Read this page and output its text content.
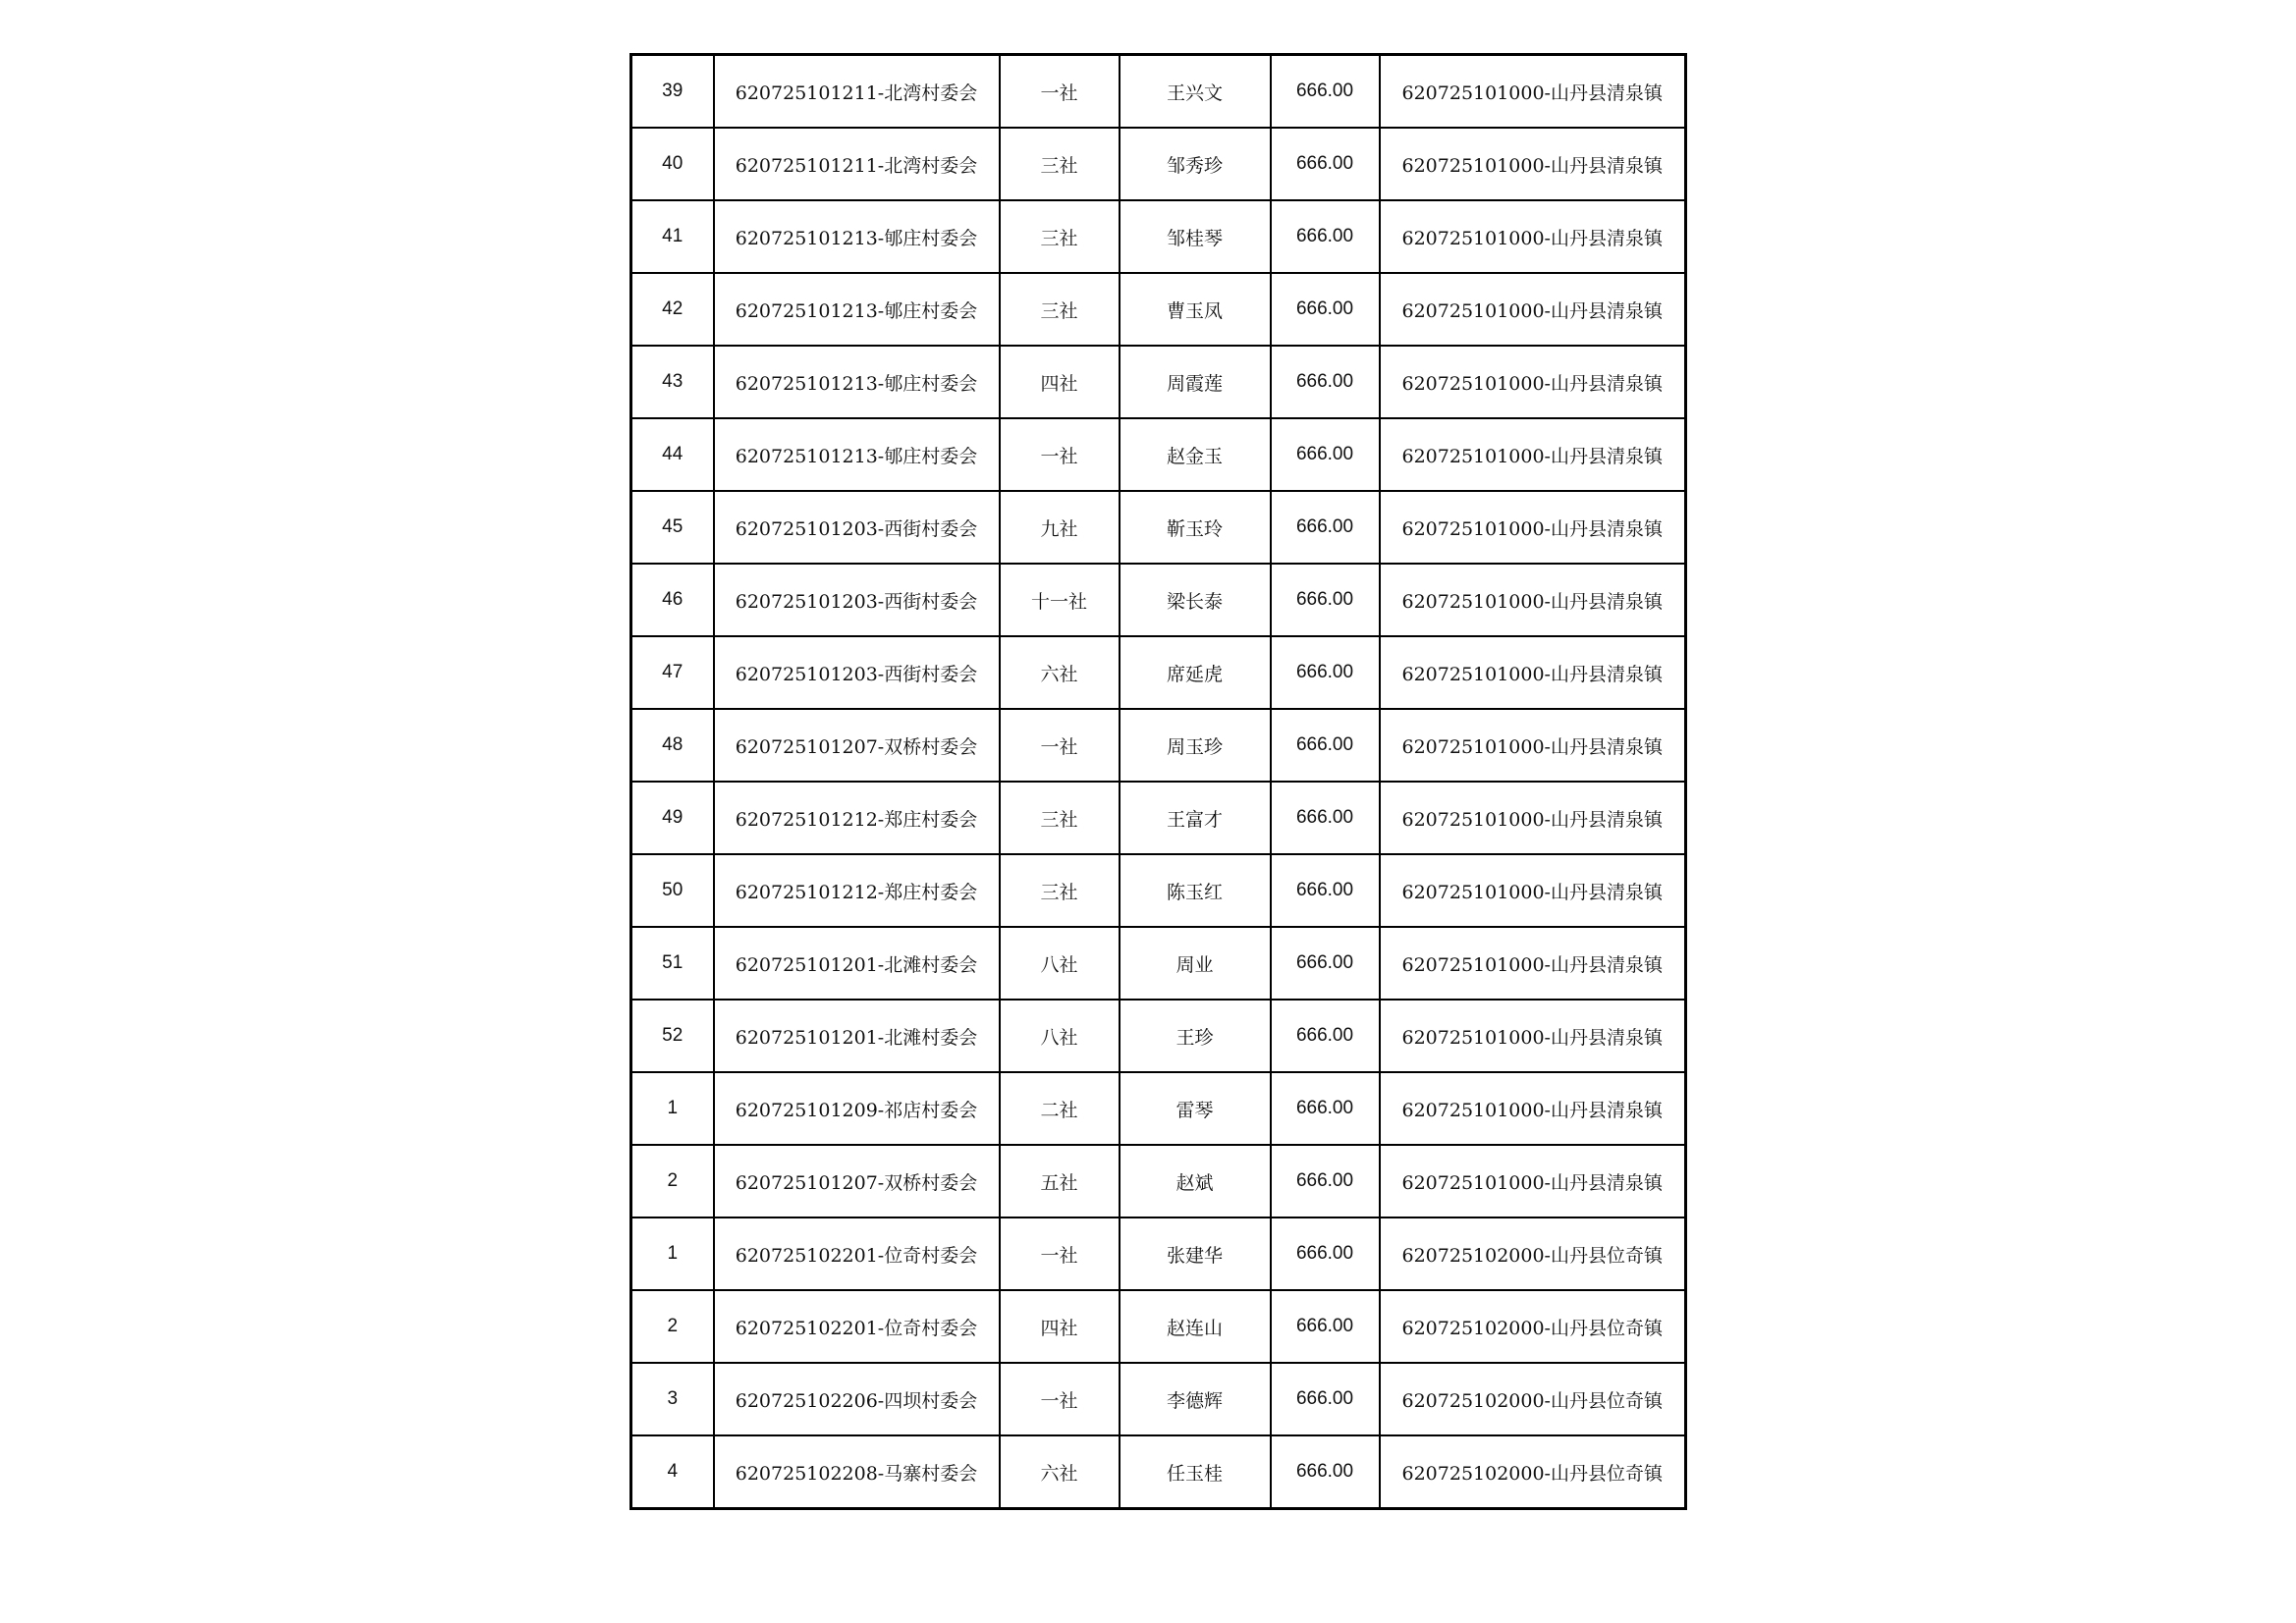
39	620725101211-北湾村委会	一社	王兴文	666.00	620725101000-山丹县清泉镇
40	620725101211-北湾村委会	三社	邹秀珍	666.00	620725101000-山丹县清泉镇
41	620725101213-郇庄村委会	三社	邹桂琴	666.00	620725101000-山丹县清泉镇
42	620725101213-郇庄村委会	三社	曹玉凤	666.00	620725101000-山丹县清泉镇
43	620725101213-郇庄村委会	四社	周霞莲	666.00	620725101000-山丹县清泉镇
44	620725101213-郇庄村委会	一社	赵金玉	666.00	620725101000-山丹县清泉镇
45	620725101203-西街村委会	九社	靳玉玲	666.00	620725101000-山丹县清泉镇
46	620725101203-西街村委会	十一社	梁长泰	666.00	620725101000-山丹县清泉镇
47	620725101203-西街村委会	六社	席延虎	666.00	620725101000-山丹县清泉镇
48	620725101207-双桥村委会	一社	周玉珍	666.00	620725101000-山丹县清泉镇
49	620725101212-郑庄村委会	三社	王富才	666.00	620725101000-山丹县清泉镇
50	620725101212-郑庄村委会	三社	陈玉红	666.00	620725101000-山丹县清泉镇
51	620725101201-北滩村委会	八社	周业	666.00	620725101000-山丹县清泉镇
52	620725101201-北滩村委会	八社	王珍	666.00	620725101000-山丹县清泉镇
1	620725101209-祁店村委会	二社	雷琴	666.00	620725101000-山丹县清泉镇
2	620725101207-双桥村委会	五社	赵斌	666.00	620725101000-山丹县清泉镇
1	620725102201-位奇村委会	一社	张建华	666.00	620725102000-山丹县位奇镇
2	620725102201-位奇村委会	四社	赵连山	666.00	620725102000-山丹县位奇镇
3	620725102206-四坝村委会	一社	李德辉	666.00	620725102000-山丹县位奇镇
4	620725102208-马寨村委会	六社	任玉桂	666.00	620725102000-山丹县位奇镇
